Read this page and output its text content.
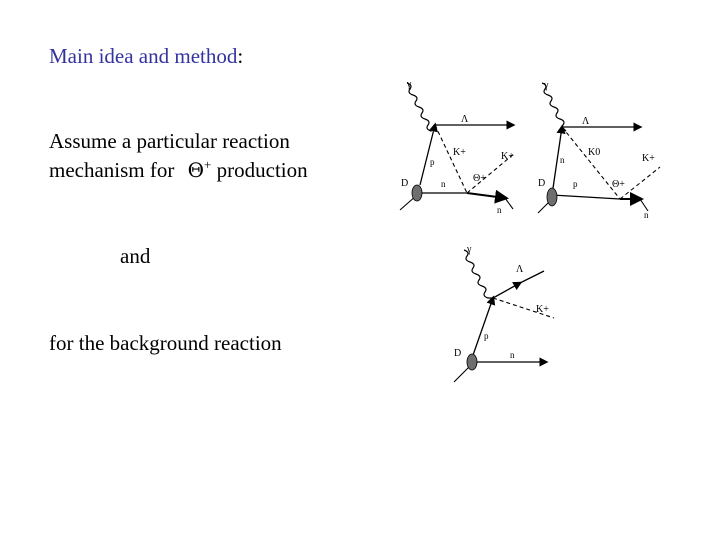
Main idea and method:
Assume a particular reaction
mechanism for Θ+ production
and
for the background reaction
γ
Λ
p
K+	K+
D	n	Θ+
n
γ
Λ
n
K0
K+
D	p	Θ+
n
γ
Λ
K+
p
D	n
